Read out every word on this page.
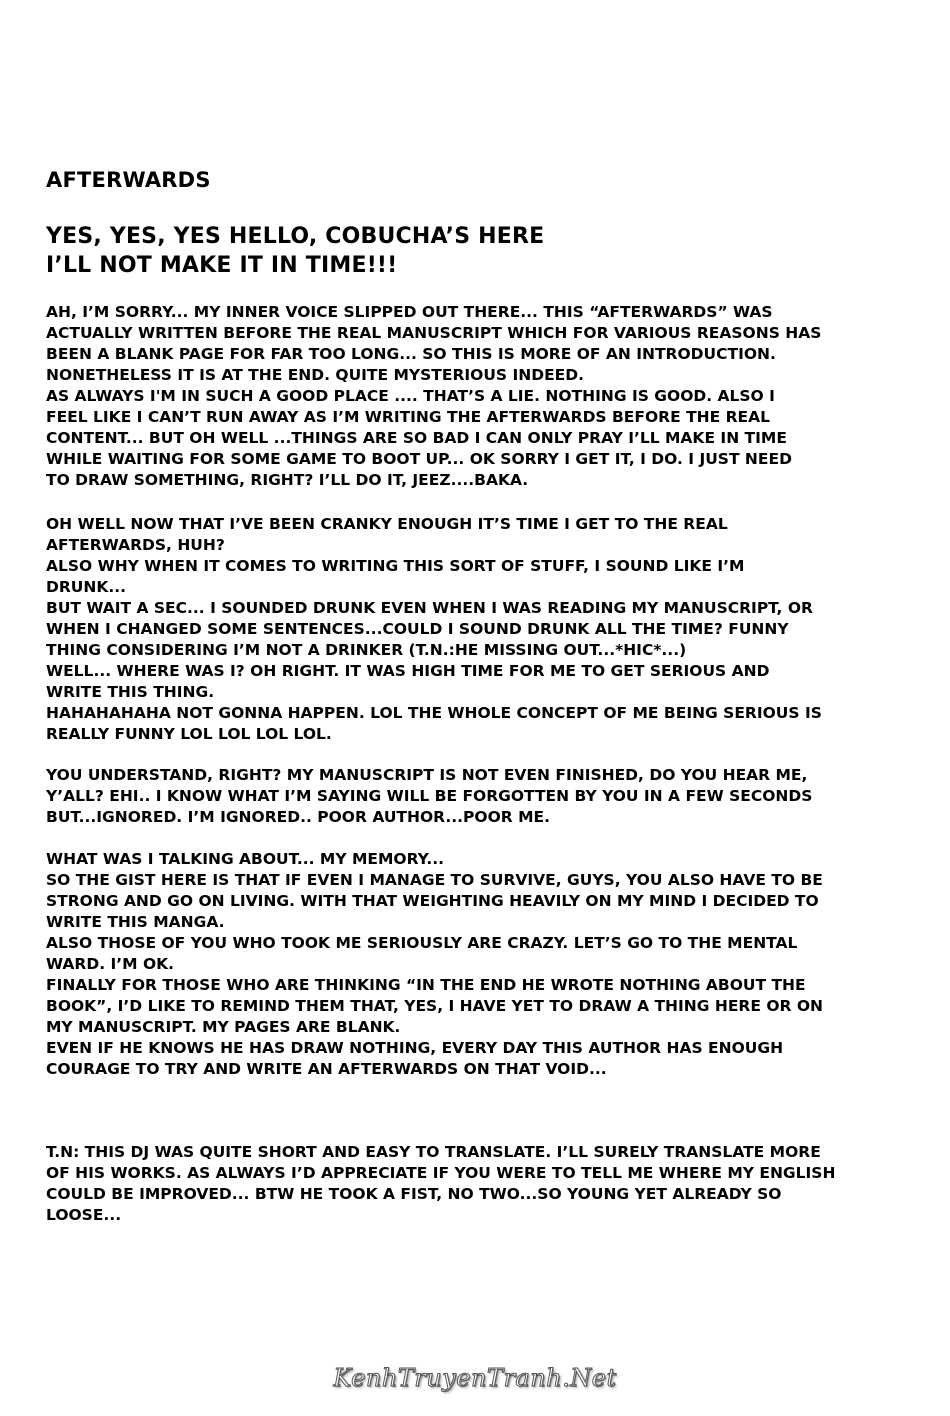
AFTERWARDS
YES, YES, YES HELLO, COBUCHA’S HERE
I’LL NOT MAKE IT IN TIME!!!
AH, I’M SORRY... MY INNER VOICE SLIPPED OUT THERE... THIS “AFTERWARDS” WAS
ACTUALLY WRITTEN BEFORE THE REAL MANUSCRIPT WHICH FOR VARIOUS REASONS HAS
BEEN A BLANK PAGE FOR FAR TOO LONG... SO THIS IS MORE OF AN INTRODUCTION.
NONETHELESS IT IS AT THE END. QUITE MYSTERIOUS INDEED.
AS ALWAYS I'M IN SUCH A GOOD PLACE .... THAT’S A LIE. NOTHING IS GOOD. ALSO I
FEEL LIKE I CAN’T RUN AWAY AS I’M WRITING THE AFTERWARDS BEFORE THE REAL
CONTENT... BUT OH WELL ...THINGS ARE SO BAD I CAN ONLY PRAY I’LL MAKE IN TIME
WHILE WAITING FOR SOME GAME TO BOOT UP... OK SORRY I GET IT, I DO. I JUST NEED
TO DRAW SOMETHING, RIGHT? I’LL DO IT, JEEZ....BAKA.
OH WELL NOW THAT I’VE BEEN CRANKY ENOUGH IT’S TIME I GET TO THE REAL
AFTERWARDS, HUH?
ALSO WHY WHEN IT COMES TO WRITING THIS SORT OF STUFF, I SOUND LIKE I’M
DRUNK...
BUT WAIT A SEC... I SOUNDED DRUNK EVEN WHEN I WAS READING MY MANUSCRIPT, OR
WHEN I CHANGED SOME SENTENCES...COULD I SOUND DRUNK ALL THE TIME? FUNNY
THING CONSIDERING I’M NOT A DRINKER (T.N.:HE MISSING OUT...*HIC*...)
WELL... WHERE WAS I? OH RIGHT. IT WAS HIGH TIME FOR ME TO GET SERIOUS AND
WRITE THIS THING.
HAHAHAHAHA NOT GONNA HAPPEN. LOL THE WHOLE CONCEPT OF ME BEING SERIOUS IS
REALLY FUNNY LOL LOL LOL LOL.
YOU UNDERSTAND, RIGHT? MY MANUSCRIPT IS NOT EVEN FINISHED, DO YOU HEAR ME,
Y’ALL? EHI.. I KNOW WHAT I’M SAYING WILL BE FORGOTTEN BY YOU IN A FEW SECONDS
BUT...IGNORED. I’M IGNORED.. POOR AUTHOR...POOR ME.
WHAT WAS I TALKING ABOUT... MY MEMORY...
SO THE GIST HERE IS THAT IF EVEN I MANAGE TO SURVIVE, GUYS, YOU ALSO HAVE TO BE
STRONG AND GO ON LIVING. WITH THAT WEIGHTING HEAVILY ON MY MIND I DECIDED TO
WRITE THIS MANGA.
ALSO THOSE OF YOU WHO TOOK ME SERIOUSLY ARE CRAZY. LET’S GO TO THE MENTAL
WARD. I’M OK.
FINALLY FOR THOSE WHO ARE THINKING “IN THE END HE WROTE NOTHING ABOUT THE
BOOK”, I’D LIKE TO REMIND THEM THAT, YES, I HAVE YET TO DRAW A THING HERE OR ON
MY MANUSCRIPT. MY PAGES ARE BLANK.
EVEN IF HE KNOWS HE HAS DRAW NOTHING, EVERY DAY THIS AUTHOR HAS ENOUGH
COURAGE TO TRY AND WRITE AN AFTERWARDS ON THAT VOID...
T.N: THIS DJ WAS QUITE SHORT AND EASY TO TRANSLATE. I’LL SURELY TRANSLATE MORE
OF HIS WORKS. AS ALWAYS I’D APPRECIATE IF YOU WERE TO TELL ME WHERE MY ENGLISH
COULD BE IMPROVED... BTW HE TOOK A FIST, NO TWO...SO YOUNG YET ALREADY SO
LOOSE...
KenhTruyenTranh.Net
